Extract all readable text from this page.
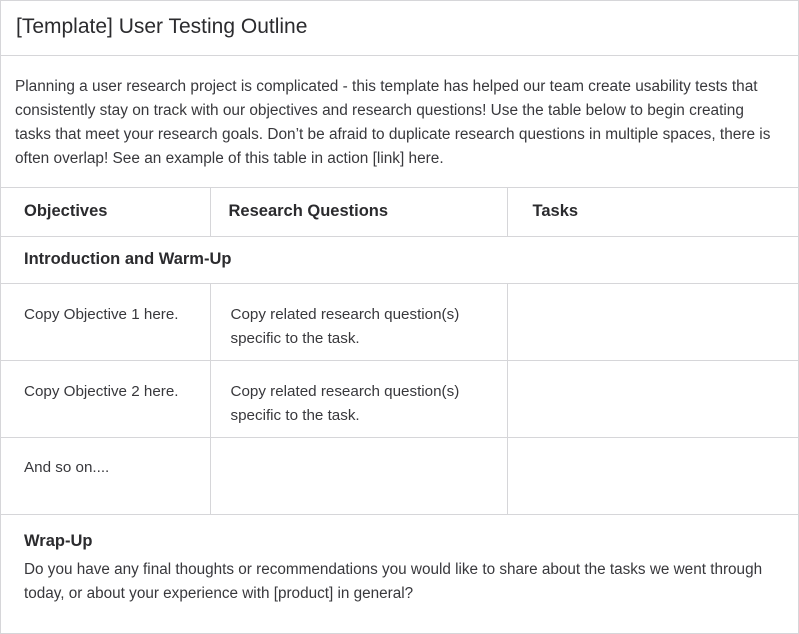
[Template] User Testing Outline
Planning a user research project is complicated - this template has helped our team create usability tests that consistently stay on track with our objectives and research questions! Use the table below to begin creating tasks that meet your research goals. Don’t be afraid to duplicate research questions in multiple spaces, there is often overlap! See an example of this table in action [link] here.
Objectives	Research Questions	Tasks
Introduction and Warm-Up		
Copy Objective 1 here.	Copy related research question(s) specific to the task.	
Copy Objective 2 here.	Copy related research question(s) specific to the task.	
And so on....		
Wrap-Up
Do you have any final thoughts or recommendations you would like to share about the tasks we went through today, or about your experience with [product] in general?
